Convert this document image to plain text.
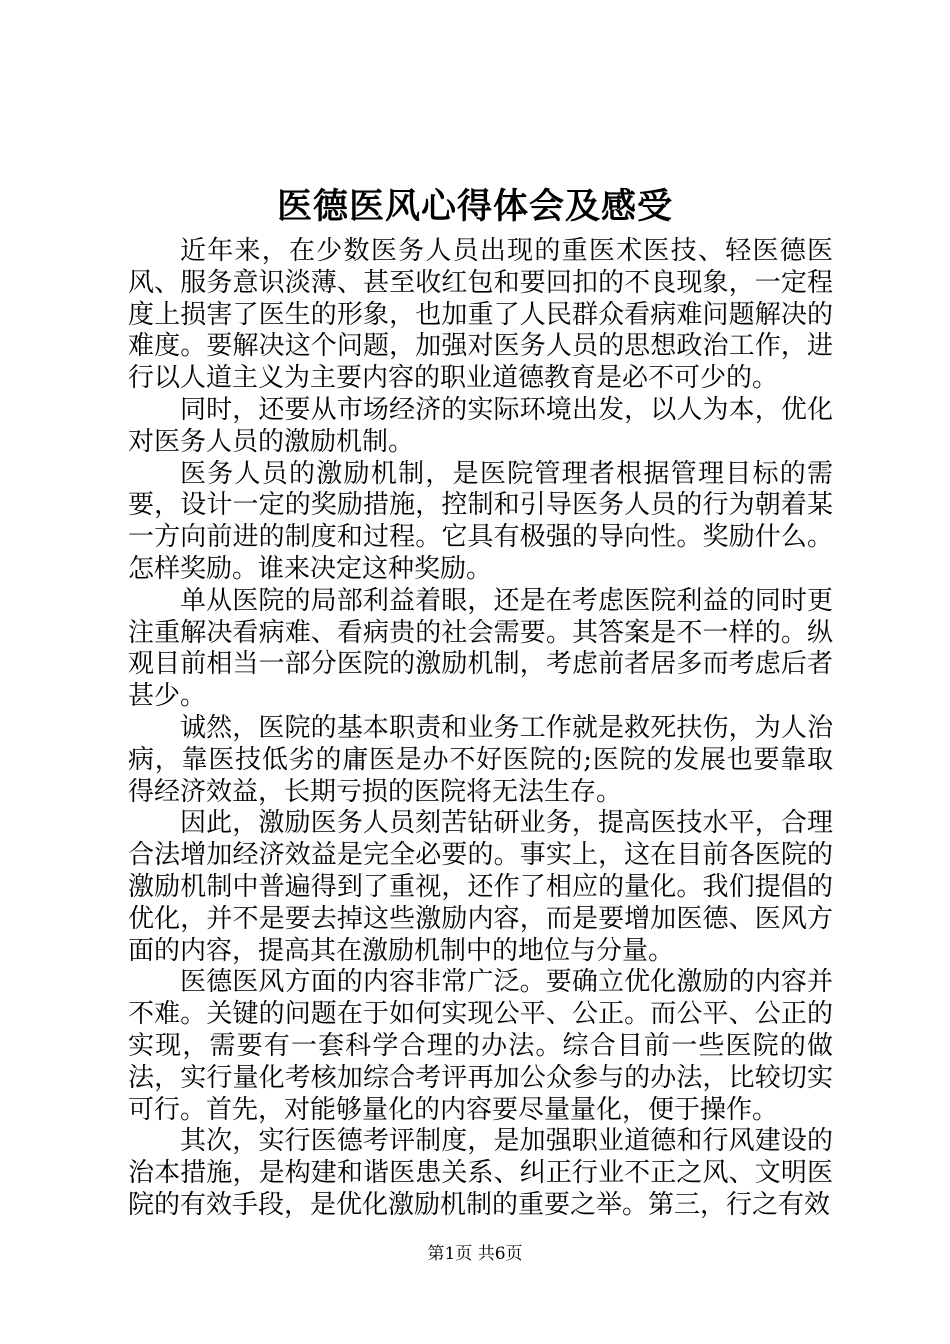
医德医风心得体会及感受

近年来，在少数医务人员出现的重医术医技、轻医德医风、服务意识淡薄、甚至收红包和要回扣的不良现象，一定程度上损害了医生的形象，也加重了人民群众看病难问题解决的难度。要解决这个问题，加强对医务人员的思想政治工作，进行以人道主义为主要内容的职业道德教育是必不可少的。

同时，还要从市场经济的实际环境出发，以人为本，优化对医务人员的激励机制。

医务人员的激励机制，是医院管理者根据管理目标的需要，设计一定的奖励措施，控制和引导医务人员的行为朝着某一方向前进的制度和过程。它具有极强的导向性。奖励什么。怎样奖励。谁来决定这种奖励。

单从医院的局部利益着眼，还是在考虑医院利益的同时更注重解决看病难、看病贵的社会需要。其答案是不一样的。纵观目前相当一部分医院的激励机制，考虑前者居多而考虑后者甚少。

诚然，医院的基本职责和业务工作就是救死扶伤，为人治病，靠医技低劣的庸医是办不好医院的;医院的发展也要靠取得经济效益，长期亏损的医院将无法生存。

因此，激励医务人员刻苦钻研业务，提高医技水平，合理合法增加经济效益是完全必要的。事实上，这在目前各医院的激励机制中普遍得到了重视，还作了相应的量化。我们提倡的优化，并不是要去掉这些激励内容，而是要增加医德、医风方面的内容，提高其在激励机制中的地位与分量。

医德医风方面的内容非常广泛。要确立优化激励的内容并不难。关键的问题在于如何实现公平、公正。而公平、公正的实现，需要有一套科学合理的办法。综合目前一些医院的做法，实行量化考核加综合考评再加公众参与的办法，比较切实可行。首先，对能够量化的内容要尽量量化，便于操作。

其次，实行医德考评制度，是加强职业道德和行风建设的治本措施，是构建和谐医患关系、纠正行业不正之风、文明医院的有效手段，是优化激励机制的重要之举。第三，行之有效

第1页 共6页
